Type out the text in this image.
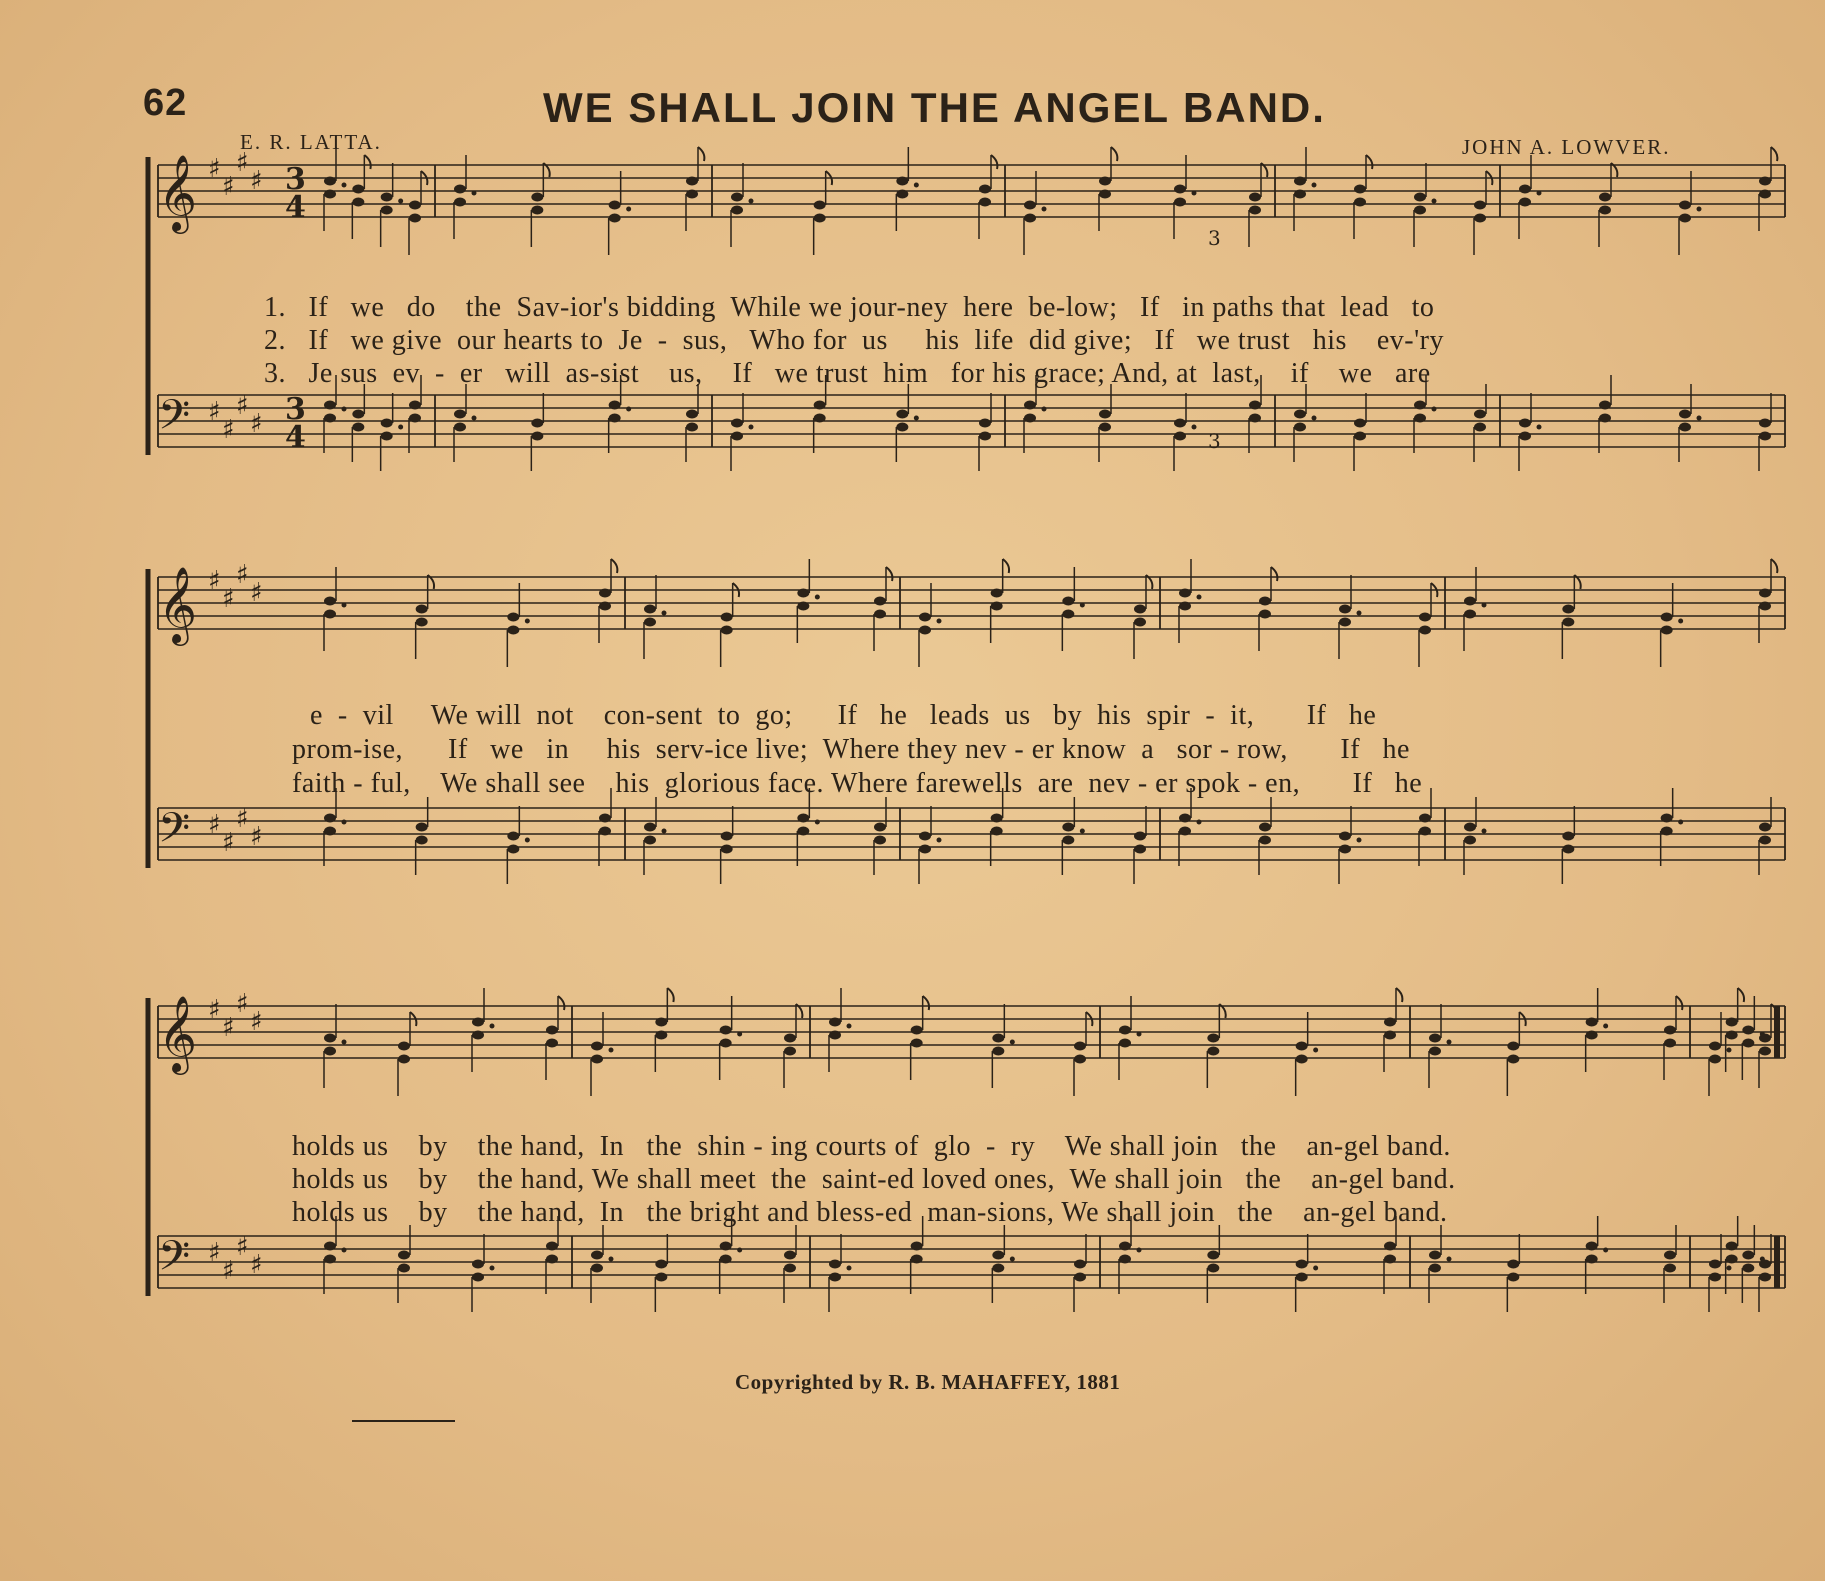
62	WE SHALL JOIN THE ANGEL BAND.
E. R. LATTA.	JOHN A. LOWVER.
𝄞 ♯
♯
♯
♯ 3
4
𝄢 ♯
♯
♯
♯ 3
4
𝄞 ♯
♯
♯
♯
𝄢 ♯
♯
♯
♯
𝄞 ♯
♯
♯
♯
𝄢 ♯
♯
♯
♯
3
3
1.   If   we   do    the  Sav-ior's bidding  While we jour-ney  here  be-low;   If   in paths that  lead   to
2.   If   we give  our hearts to  Je  -  sus,   Who for  us     his  life  did give;   If   we trust   his    ev-'ry
3.   Je sus  ev  -  er   will  as-sist    us,    If   we trust  him   for his grace; And, at  last,    if    we   are
e  -  vil     We will  not    con-sent  to  go;      If   he   leads  us   by  his  spir  -  it,       If   he
prom-ise,      If   we   in     his  serv-ice live;  Where they nev - er know  a   sor - row,       If   he
faith - ful,    We shall see    his  glorious face. Where farewells  are  nev - er spok - en,       If   he
holds us    by    the hand,  In   the  shin - ing courts of  glo  -  ry    We shall join   the    an-gel band.
holds us    by    the hand, We shall meet  the  saint-ed loved ones,  We shall join   the    an-gel band.
holds us    by    the hand,  In   the bright and bless-ed  man-sions, We shall join   the    an-gel band.
Copyrighted by R. B. MAHAFFEY, 1881
